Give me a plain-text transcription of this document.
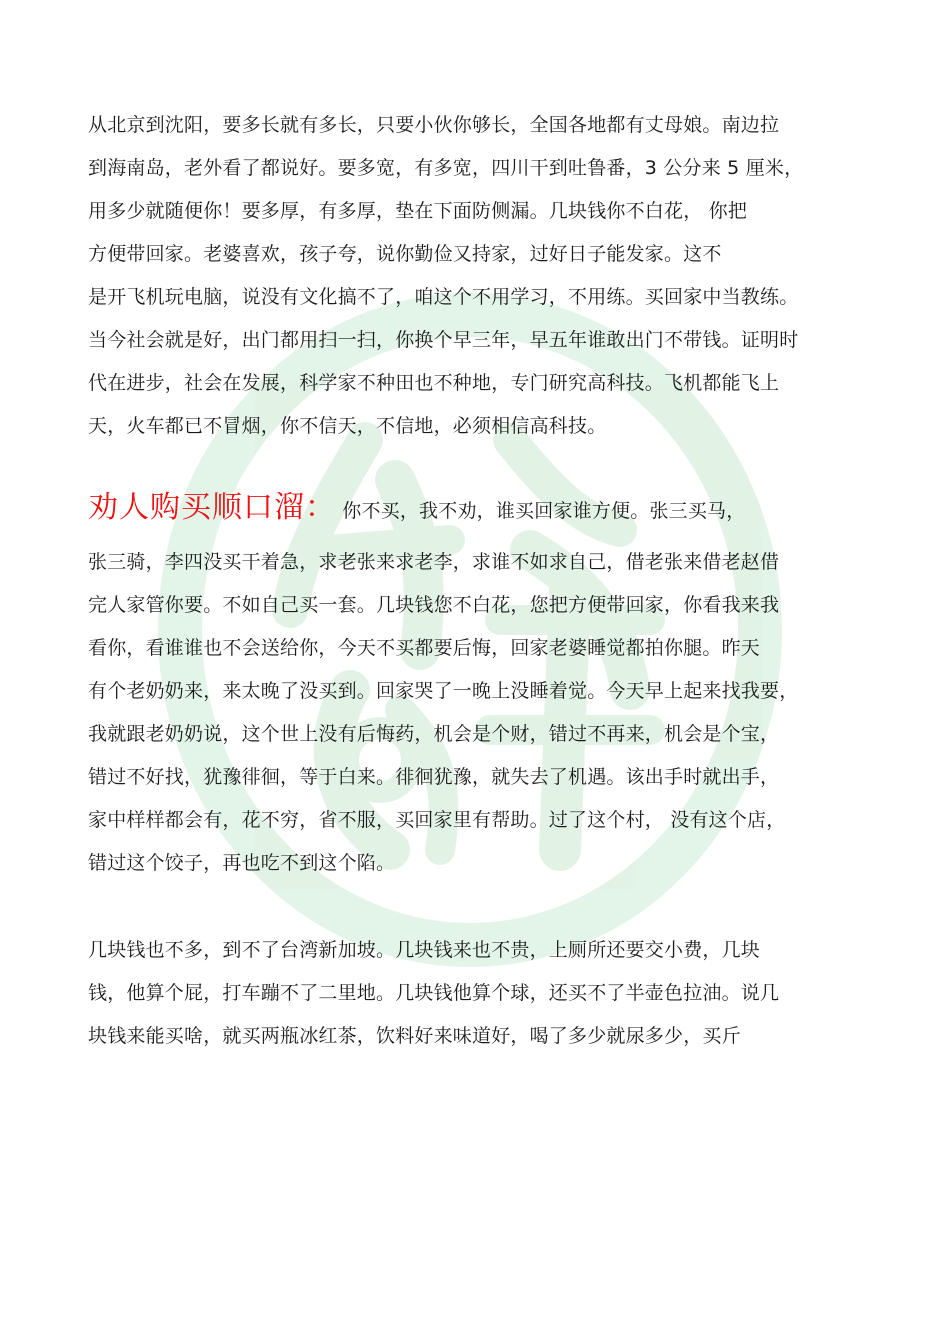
从北京到沈阳，要多长就有多长，只要小伙你够长，全国各地都有丈母娘。南边拉

到海南岛，老外看了都说好。要多宽，有多宽，四川干到吐鲁番，3 公分来 5 厘米，

用多少就随便你！要多厚，有多厚，垫在下面防侧漏。几块钱你不白花， 你把

方便带回家。老婆喜欢，孩子夸，说你勤俭又持家，过好日子能发家。这不

是开飞机玩电脑，说没有文化搞不了，咱这个不用学习，不用练。买回家中当教练。

当今社会就是好，出门都用扫一扫，你换个早三年，早五年谁敢出门不带钱。证明时

代在进步，社会在发展，科学家不种田也不种地，专门研究高科技。飞机都能飞上

天，火车都已不冒烟，你不信天，不信地，必须相信高科技。

劝人购买顺口溜： 你不买，我不劝，谁买回家谁方便。张三买马，

张三骑，李四没买干着急，求老张来求老李，求谁不如求自己，借老张来借老赵借

完人家管你要。不如自己买一套。几块钱您不白花，您把方便带回家，你看我来我

看你，看谁谁也不会送给你，今天不买都要后悔，回家老婆睡觉都拍你腿。昨天

有个老奶奶来，来太晚了没买到。回家哭了一晚上没睡着觉。今天早上起来找我要，

我就跟老奶奶说，这个世上没有后悔药，机会是个财，错过不再来，机会是个宝，

错过不好找，犹豫徘徊，等于白来。徘徊犹豫，就失去了机遇。该出手时就出手，

家中样样都会有，花不穷，省不服，买回家里有帮助。过了这个村， 没有这个店，

错过这个饺子，再也吃不到这个陷。

几块钱也不多，到不了台湾新加坡。几块钱来也不贵，上厕所还要交小费，几块

钱，他算个屁，打车蹦不了二里地。几块钱他算个球，还买不了半壶色拉油。说几

块钱来能买啥，就买两瓶冰红茶，饮料好来味道好，喝了多少就尿多少，买斤
